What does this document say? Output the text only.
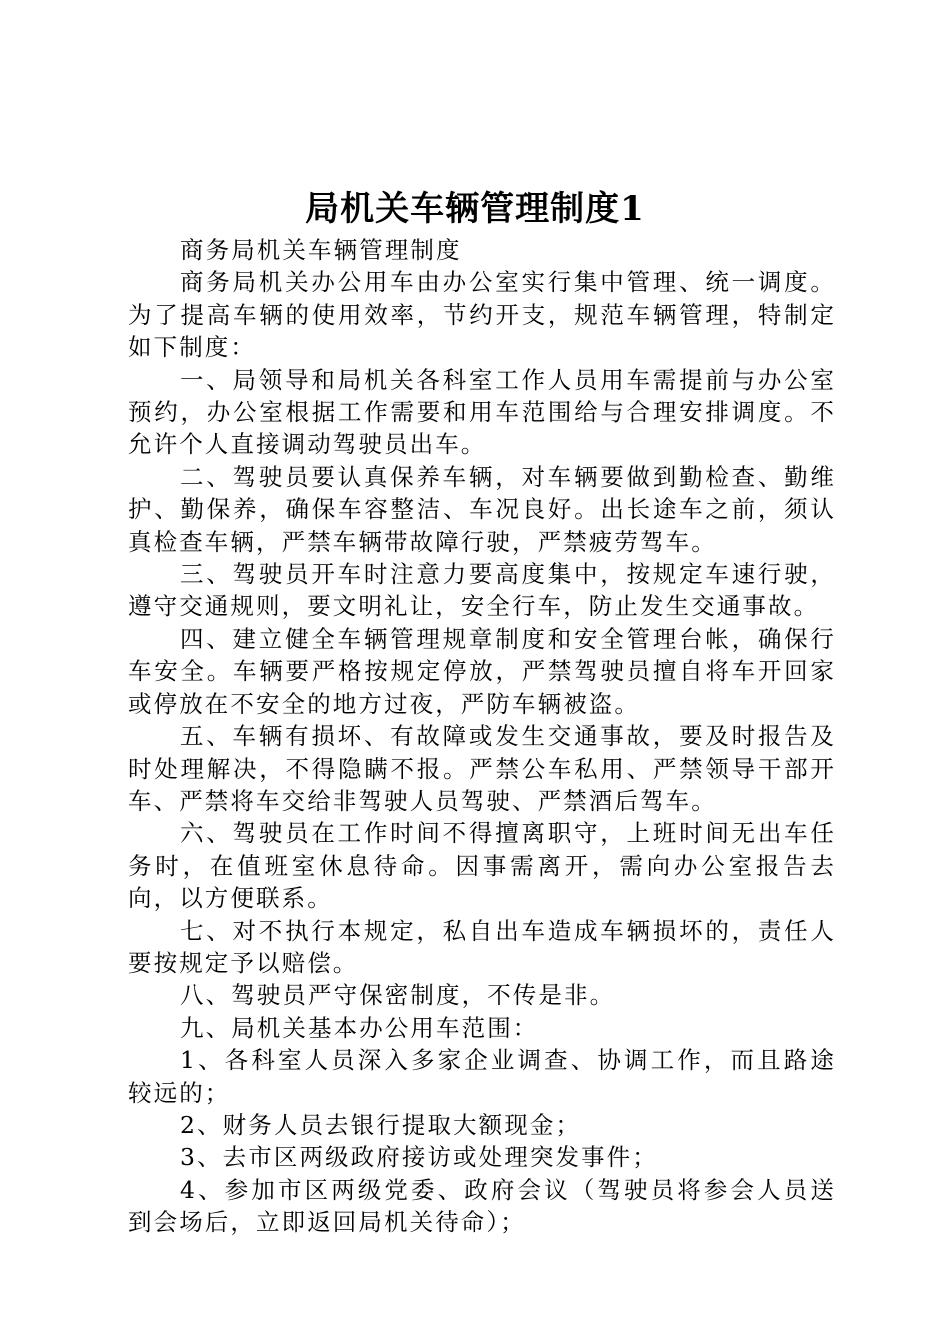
局机关车辆管理制度1

商务局机关车辆管理制度

商务局机关办公用车由办公室实行集中管理、统一调度。为了提高车辆的使用效率，节约开支，规范车辆管理，特制定如下制度：

一、局领导和局机关各科室工作人员用车需提前与办公室预约，办公室根据工作需要和用车范围给与合理安排调度。不允许个人直接调动驾驶员出车。

二、驾驶员要认真保养车辆，对车辆要做到勤检查、勤维护、勤保养，确保车容整洁、车况良好。出长途车之前，须认真检查车辆，严禁车辆带故障行驶，严禁疲劳驾车。

三、驾驶员开车时注意力要高度集中，按规定车速行驶，遵守交通规则，要文明礼让，安全行车，防止发生交通事故。

四、建立健全车辆管理规章制度和安全管理台帐，确保行车安全。车辆要严格按规定停放，严禁驾驶员擅自将车开回家或停放在不安全的地方过夜，严防车辆被盗。

五、车辆有损坏、有故障或发生交通事故，要及时报告及时处理解决，不得隐瞒不报。严禁公车私用、严禁领导干部开车、严禁将车交给非驾驶人员驾驶、严禁酒后驾车。

六、驾驶员在工作时间不得擅离职守，上班时间无出车任务时，在值班室休息待命。因事需离开，需向办公室报告去向，以方便联系。

七、对不执行本规定，私自出车造成车辆损坏的，责任人要按规定予以赔偿。

八、驾驶员严守保密制度，不传是非。

九、局机关基本办公用车范围：

1、各科室人员深入多家企业调查、协调工作，而且路途较远的；

2、财务人员去银行提取大额现金；

3、去市区两级政府接访或处理突发事件；

4、参加市区两级党委、政府会议（驾驶员将参会人员送到会场后，立即返回局机关待命）；
